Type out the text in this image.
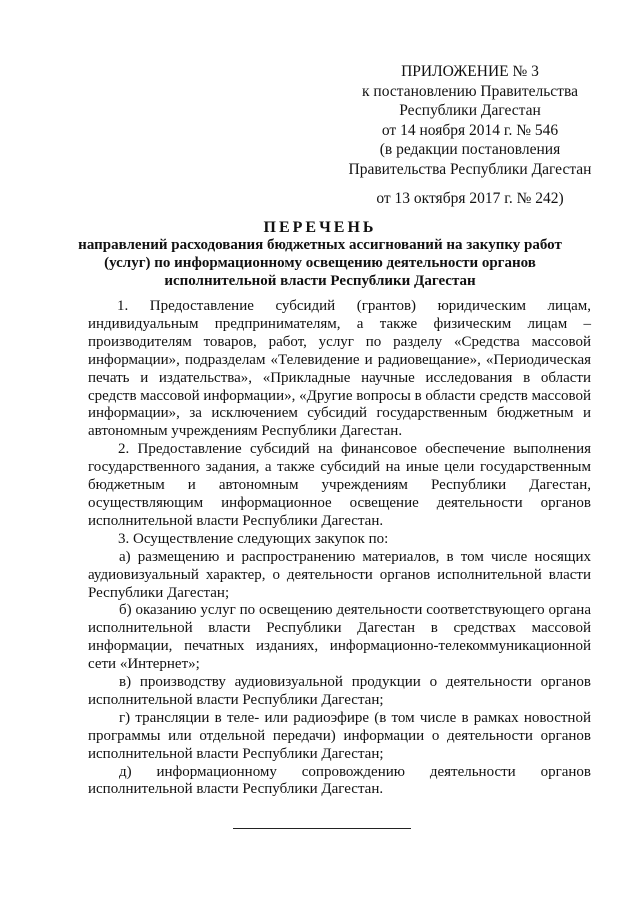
ПРИЛОЖЕНИЕ № 3
к постановлению Правительства
Республики Дагестан
от 14 ноября 2014 г. № 546
(в редакции постановления
Правительства Республики Дагестан
от 13 октября 2017 г. № 242)
ПЕРЕЧЕНЬ
направлений расходования бюджетных ассигнований на закупку работ
(услуг) по информационному освещению деятельности органов
исполнительной власти Республики Дагестан

1. Предоставление субсидий (грантов) юридическим лицам, индивидуальным предпринимателям, а также физическим лицам – производителям товаров, работ, услуг по разделу «Средства массовой информации», подразделам «Телевидение и радиовещание», «Периодическая печать и издательства», «Прикладные научные исследования в области средств массовой информации», «Другие вопросы в области средств массовой информации», за исключением субсидий государственным бюджетным и автономным учреждениям Республики Дагестан.

2. Предоставление субсидий на финансовое обеспечение выполнения государственного задания, а также субсидий на иные цели государственным бюджетным и автономным учреждениям Республики Дагестан, осуществляющим информационное освещение деятельности органов исполнительной власти Республики Дагестан.

3. Осуществление следующих закупок по:

а) размещению и распространению материалов, в том числе носящих аудиовизуальный характер, о деятельности органов исполнительной власти Республики Дагестан;

б) оказанию услуг по освещению деятельности соответствующего органа исполнительной власти Республики Дагестан в средствах массовой информации, печатных изданиях, информационно-телекоммуникационной сети «Интернет»;

в) производству аудиовизуальной продукции о деятельности органов исполнительной власти Республики Дагестан;

г) трансляции в теле- или радиоэфире (в том числе в рамках новостной программы или отдельной передачи) информации о деятельности органов исполнительной власти Республики Дагестан;

д) информационному сопровождению деятельности органов исполнительной власти Республики Дагестан.
